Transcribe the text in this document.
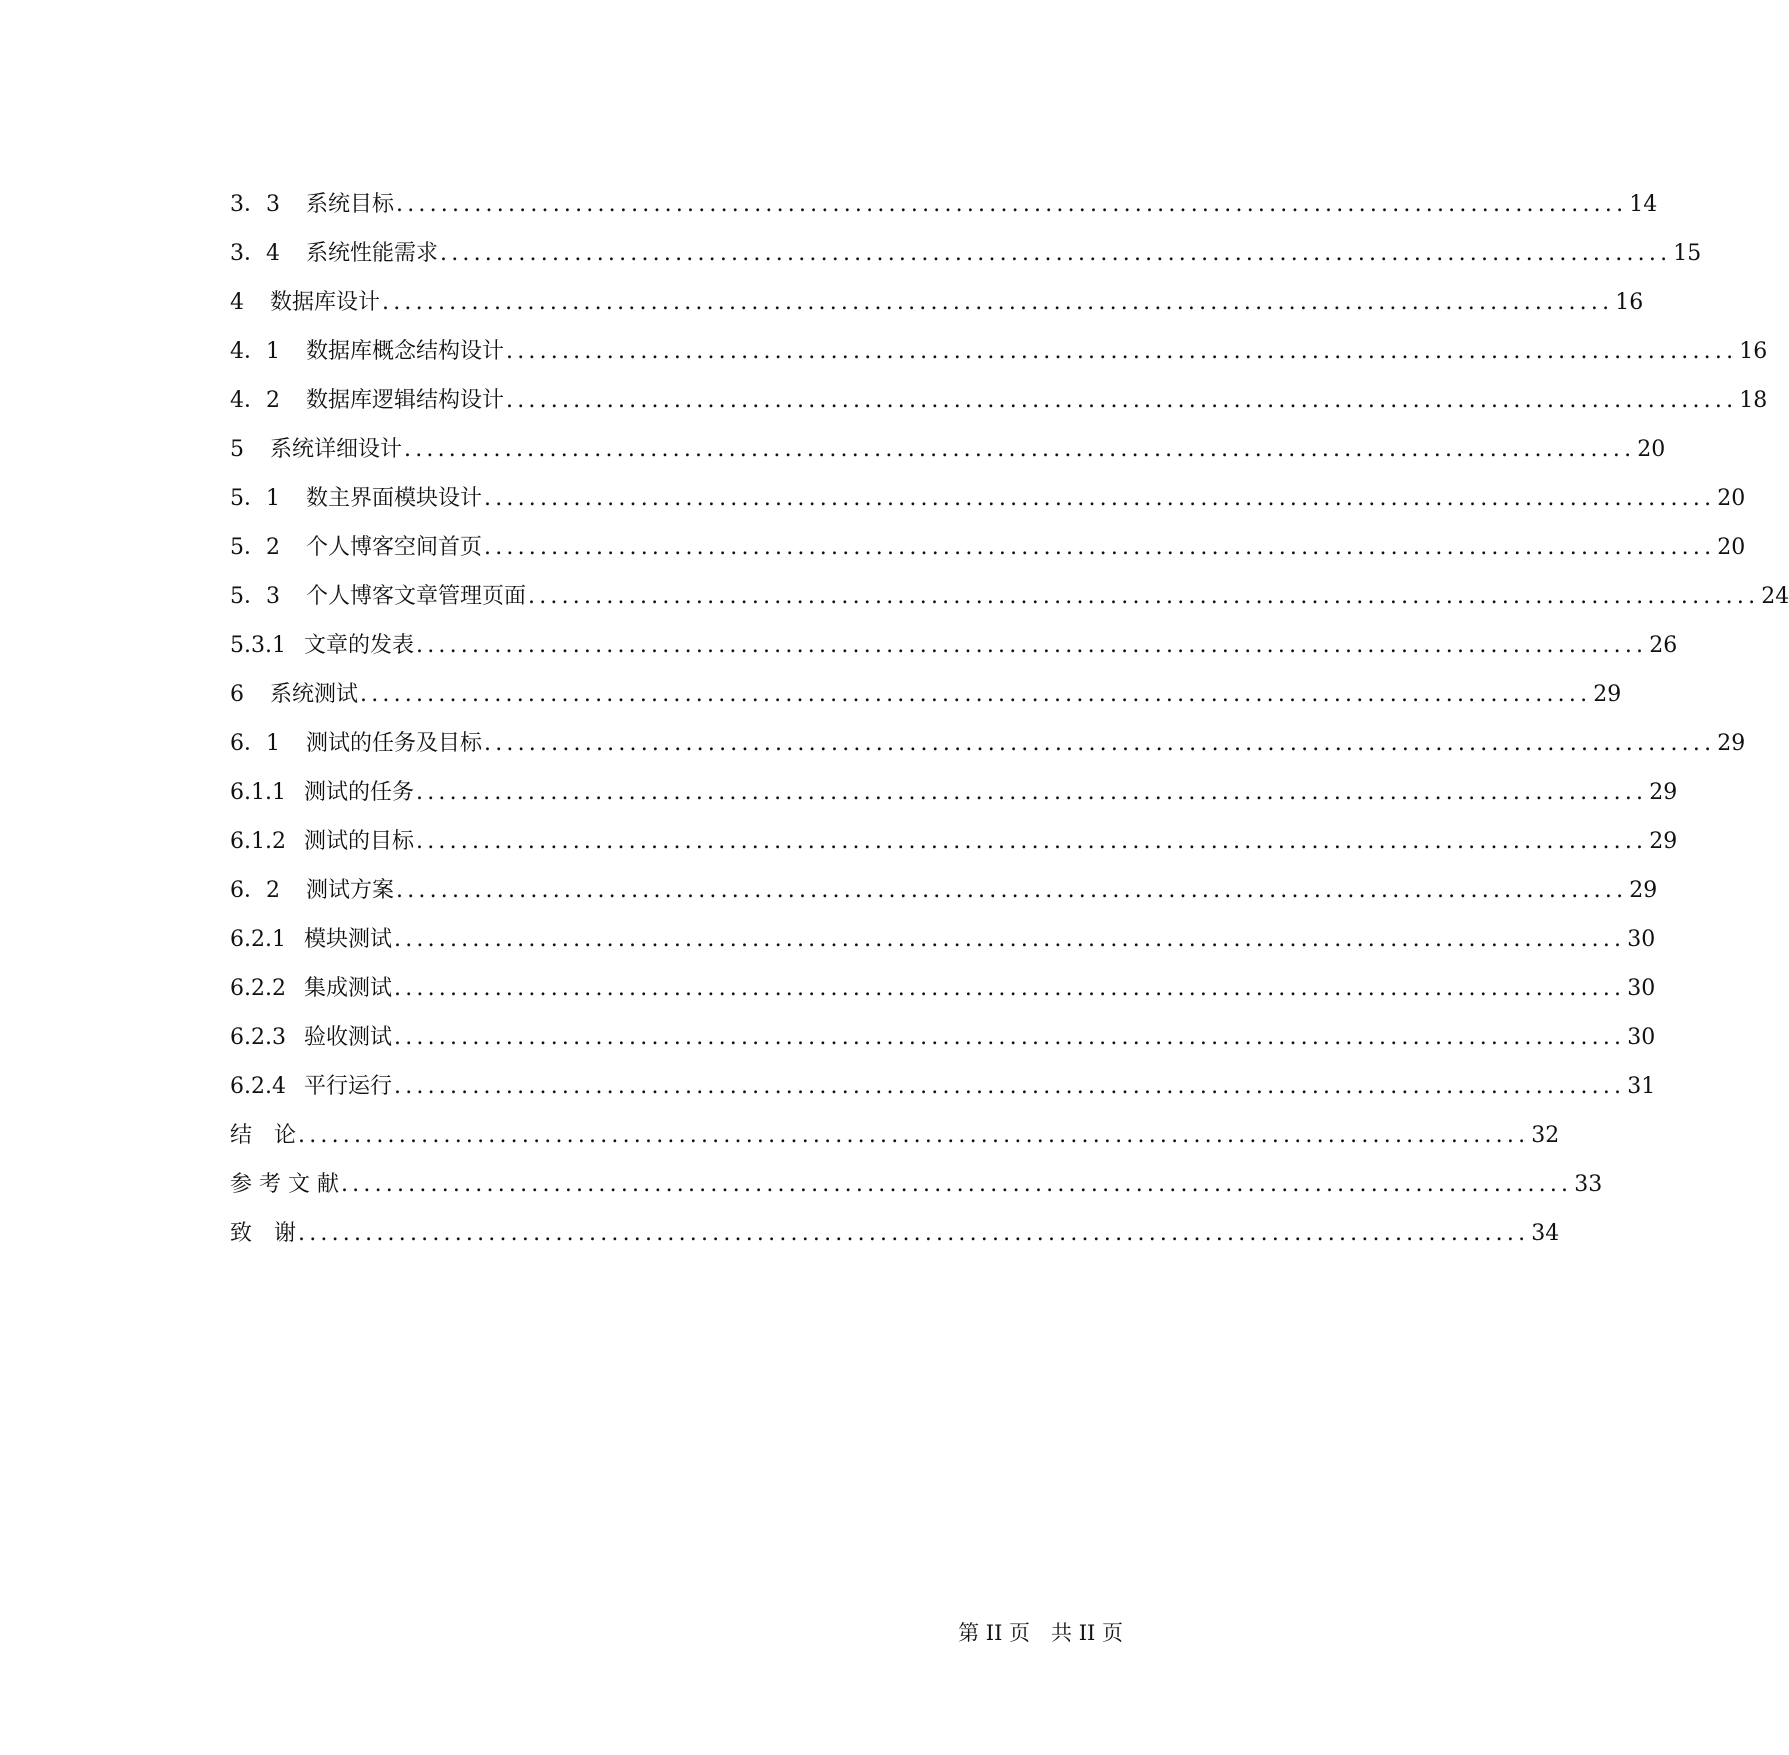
3．3 系统目标 .............................................................................................................. 14
3．4 系统性能需求 .............................................................................................................. 15
4 数据库设计 .............................................................................................................. 16
4．1 数据库概念结构设计 .............................................................................................................. 16
4．2 数据库逻辑结构设计 .............................................................................................................. 18
5 系统详细设计 .............................................................................................................. 20
5．1 数主界面模块设计 .............................................................................................................. 20
5．2 个人博客空间首页 .............................................................................................................. 20
5．3 个人博客文章管理页面 .............................................................................................................. 24
5.3.1 文章的发表 .............................................................................................................. 26
6 系统测试 .............................................................................................................. 29
6．1 测试的任务及目标 .............................................................................................................. 29
6.1.1 测试的任务 .............................................................................................................. 29
6.1.2 测试的目标 .............................................................................................................. 29
6．2 测试方案 .............................................................................................................. 29
6.2.1 模块测试 .............................................................................................................. 30
6.2.2 集成测试 .............................................................................................................. 30
6.2.3 验收测试 .............................................................................................................. 30
6.2.4 平行运行 .............................................................................................................. 31
结　论 .............................................................................................................. 32
参 考 文 献 .............................................................................................................. 33
致　谢 .............................................................................................................. 34
第 II 页　共 II 页
